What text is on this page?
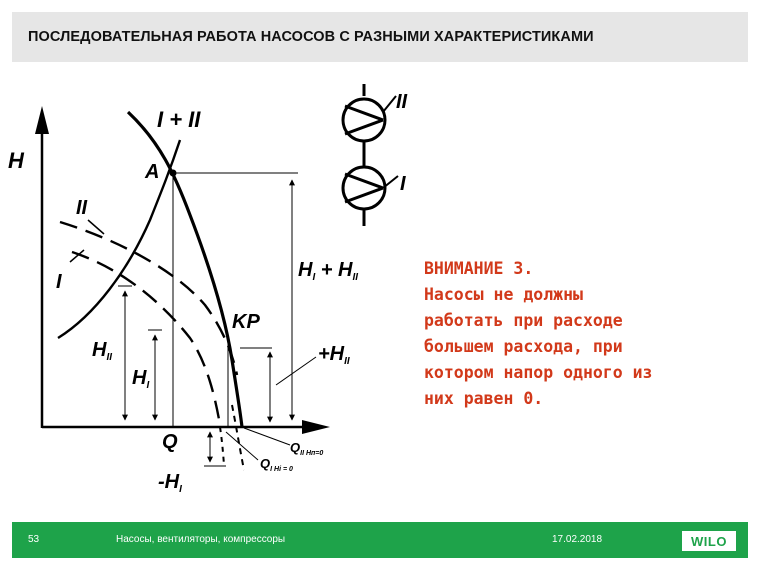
ПОСЛЕДОВАТЕЛЬНАЯ РАБОТА НАСОСОВ С РАЗНЫМИ ХАРАКТЕРИСТИКАМИ
H
Q
I + II
A
II
I
KP
$H_I + H_{II}$
$H_{II}$
$H_I$
$+H_{II}$
$-H_I$
$Q_{II Hп=0}$
$Q_{I Hі = 0}$
II
I
ВНИМАНИЕ 3.
Насосы не должны
работать при расходе
большем расхода, при
котором напор одного из
них равен 0.
53	Насосы, вентиляторы, компрессоры	17.02.2018	WILO
